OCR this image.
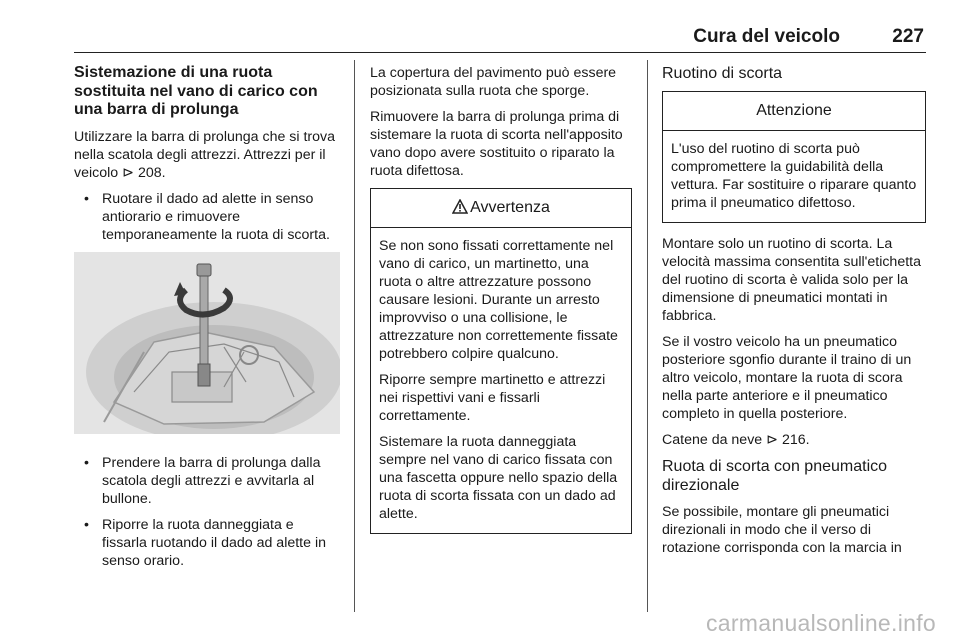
Cura del veicolo	227
Sistemazione di una ruota sostituita nel vano di carico con una barra di prolunga

Utilizzare la barra di prolunga che si trova nella scatola degli attrezzi. Attrezzi per il veicolo ⊳ 208.

• Ruotare il dado ad alette in senso antiorario e rimuovere temporaneamente la ruota di scorta.
• Prendere la barra di prolunga dalla scatola degli attrezzi e avvitarla al bullone.
• Riporre la ruota danneggiata e fissarla ruotando il dado ad alette in senso orario.

La copertura del pavimento può essere posizionata sulla ruota che sporge.

Rimuovere la barra di prolunga prima di sistemare la ruota di scorta nell'apposito vano dopo avere sostituito o riparato la ruota difettosa.

Avvertenza

Se non sono fissati correttamente nel vano di carico, un martinetto, una ruota o altre attrezzature possono causare lesioni. Durante un arresto improvviso o una collisione, le attrezzature non correttemente fissate potrebbero colpire qualcuno.

Riporre sempre martinetto e attrezzi nei rispettivi vani e fissarli correttamente.

Sistemare la ruota danneggiata sempre nel vano di carico fissata con una fascetta oppure nello spazio della ruota di scorta fissata con un dado ad alette.

Ruotino di scorta
Attenzione

L'uso del ruotino di scorta può compromettere la guidabilità della vettura. Far sostituire o riparare quanto prima il pneumatico difettoso.

Montare solo un ruotino di scorta. La velocità massima consentita sull'etichetta del ruotino di scorta è valida solo per la dimensione di pneumatici montati in fabbrica.

Se il vostro veicolo ha un pneumatico posteriore sgonfio durante il traino di un altro veicolo, montare la ruota di scora nella parte anteriore e il pneumatico completo in quella posteriore.

Catene da neve ⊳ 216.

Ruota di scorta con pneumatico direzionale

Se possibile, montare gli pneumatici direzionali in modo che il verso di rotazione corrisponda con la marcia in

carmanualsonline.info
